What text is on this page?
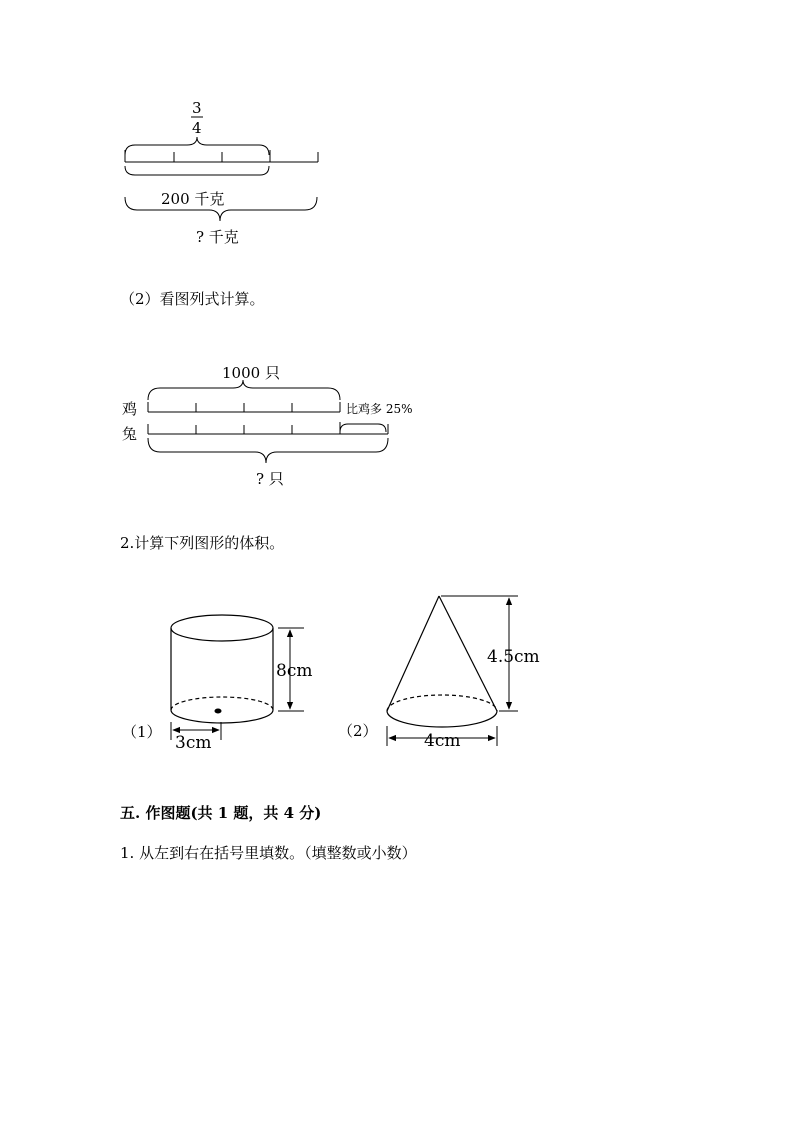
3
4
200 千克
? 千克
（2）看图列式计算。
1000 只
鸡
兔
比鸡多 25%
? 只
2.计算下列图形的体积。
（1）
8cm
3cm
（2）
4.5cm
4cm
五. 作图题(共 1 题，共 4 分)
1. 从左到右在括号里填数。（填整数或小数）
